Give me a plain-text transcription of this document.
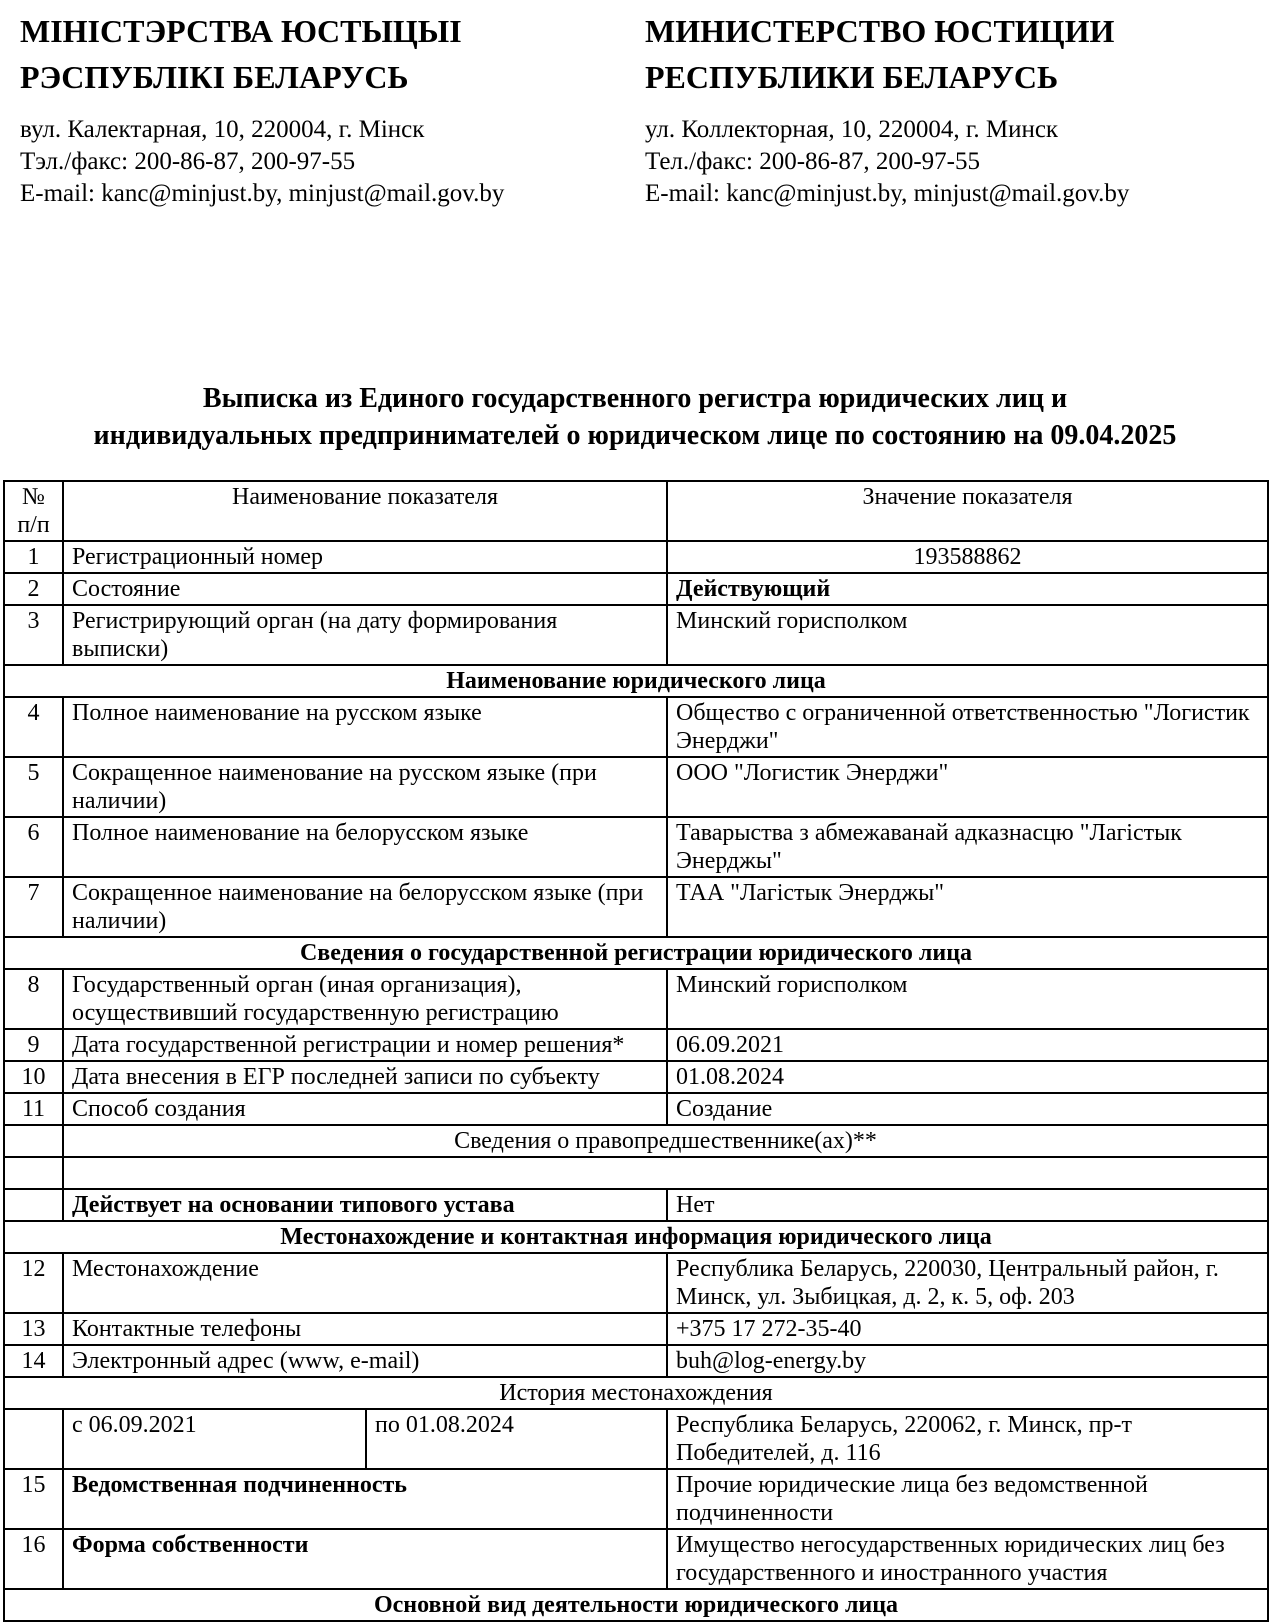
МІНІСТЭРСТВА ЮСТЫЦЫІ РЭСПУБЛІКІ БЕЛАРУСЬ
вул. Калектарная, 10, 220004, г. Мінск
Тэл./факс: 200-86-87, 200-97-55
E-mail: kanc@minjust.by, minjust@mail.gov.by
МИНИСТЕРСТВО ЮСТИЦИИ РЕСПУБЛИКИ БЕЛАРУСЬ
ул. Коллекторная, 10, 220004, г. Минск
Тел./факс: 200-86-87, 200-97-55
E-mail: kanc@minjust.by, minjust@mail.gov.by
Выписка из Единого государственного регистра юридических лиц и
индивидуальных предпринимателей о юридическом лице по состоянию на 09.04.2025
№ п/п	Наименование показателя		Значение показателя
1	Регистрационный номер		193588862
2	Состояние		Действующий
3	Регистрирующий орган (на дату формирования выписки)		Минский горисполком
Наименование юридического лица			
4	Полное наименование на русском языке		Общество с ограниченной ответственностью "Логистик Энерджи"
5	Сокращенное наименование на русском языке (при наличии)		ООО "Логистик Энерджи"
6	Полное наименование на белорусском языке		Таварыства з абмежаванай адказнасцю "Лагістык Энерджы"
7	Сокращенное наименование на белорусском языке (при наличии)		ТАА "Лагістык Энерджы"
Сведения о государственной регистрации юридического лица			
8	Государственный орган (иная организация), осуществивший государственную регистрацию		Минский горисполком
9	Дата государственной регистрации и номер решения*		06.09.2021
10	Дата внесения в ЕГР последней записи по субъекту		01.08.2024
11	Способ создания		Создание
	Сведения о правопредшественнике(ах)**		

	Действует на основании типового устава		Нет
Местонахождение и контактная информация юридического лица			
12	Местонахождение		Республика Беларусь, 220030, Центральный район, г. Минск, ул. Зыбицкая, д. 2, к. 5, оф. 203
13	Контактные телефоны		+375 17 272-35-40
14	Электронный адрес (www, e-mail)		buh@log-energy.by
История местонахождения			
	с 06.09.2021	по 01.08.2024	Республика Беларусь, 220062, г. Минск, пр-т Победителей, д. 116
15	Ведомственная подчиненность		Прочие юридические лица без ведомственной подчиненности
16	Форма собственности		Имущество негосударственных юридических лиц без государственного и иностранного участия
Основной вид деятельности юридического лица			
